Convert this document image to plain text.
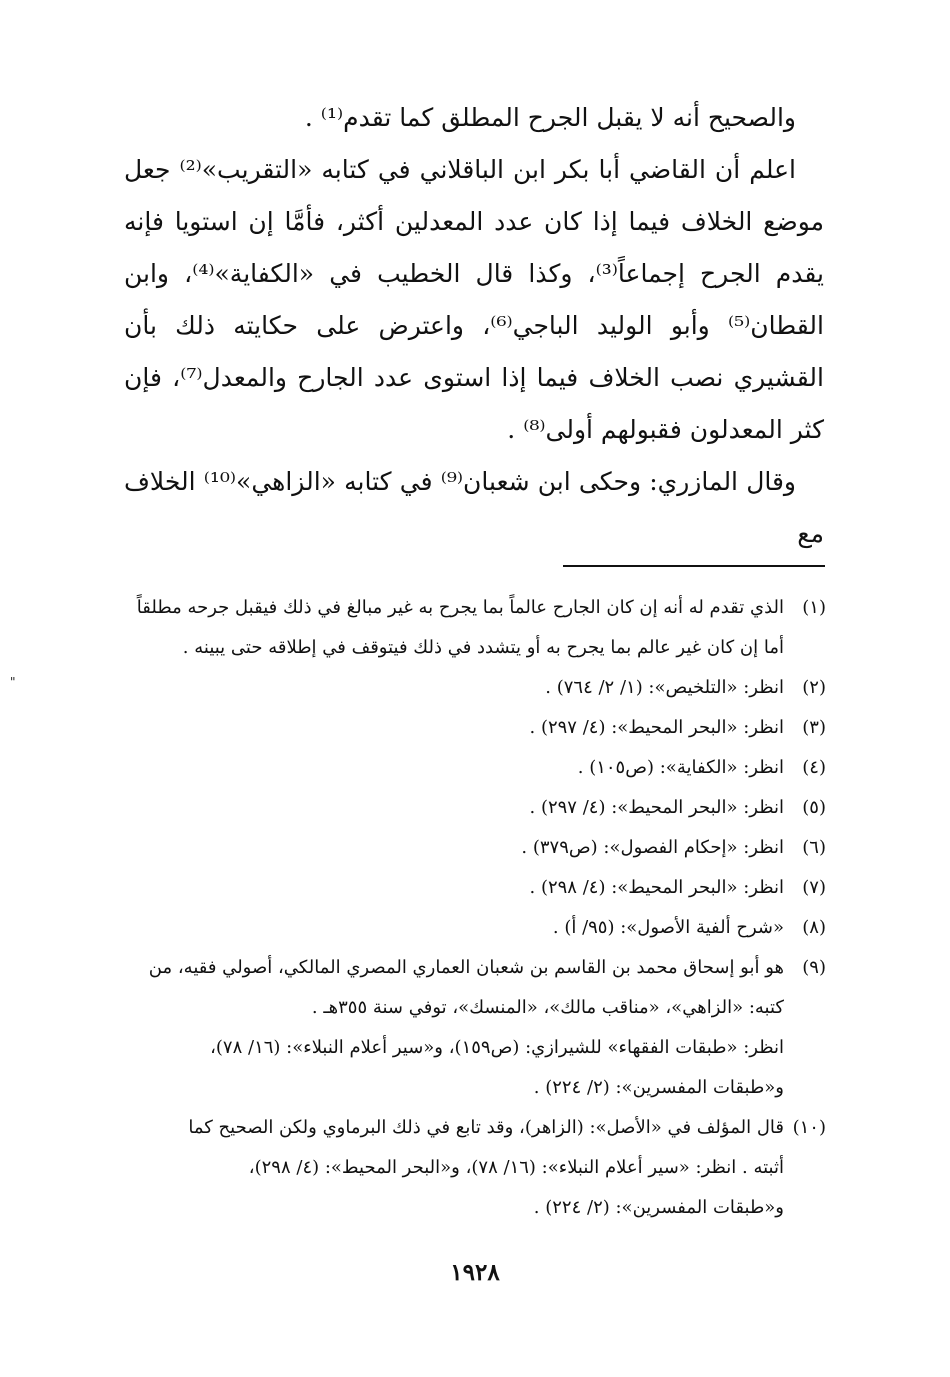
والصحيح أنه لا يقبل الجرح المطلق كما تقدم⁽¹⁾ .

اعلم أن القاضي أبا بكر ابن الباقلاني في كتابه «التقريب»⁽²⁾ جعل موضع الخلاف فيما إذا كان عدد المعدلين أكثر، فأمَّا إن استويا فإنه يقدم الجرح إجماعاً⁽³⁾، وكذا قال الخطيب في «الكفاية»⁽⁴⁾، وابن القطان⁽⁵⁾ وأبو الوليد الباجي⁽⁶⁾، واعترض على حكايته ذلك بأن القشيري نصب الخلاف فيما إذا استوى عدد الجارح والمعدل⁽⁷⁾، فإن كثر المعدلون فقبولهم أولى⁽⁸⁾ .

وقال المازري: وحكى ابن شعبان⁽⁹⁾ في كتابه «الزاهي»⁽¹⁰⁾ الخلاف مع

(١)
الذي تقدم له أنه إن كان الجارح عالماً بما يجرح به غير مبالغ في ذلك فيقبل جرحه مطلقاً
أما إن كان غير عالم بما يجرح به أو يتشدد في ذلك فيتوقف في إطلاقه حتى يبينه .
(٢)
انظر: «التلخيص»: (١/ ٢/ ٧٦٤) .
(٣)
انظر: «البحر المحيط»: (٤/ ٢٩٧) .
(٤)
انظر: «الكفاية»: (ص١٠٥) .
(٥)
انظر: «البحر المحيط»: (٤/ ٢٩٧) .
(٦)
انظر: «إحكام الفصول»: (ص٣٧٩) .
(٧)
انظر: «البحر المحيط»: (٤/ ٢٩٨) .
(٨)
«شرح ألفية الأصول»: (٩٥/ أ) .
(٩)
هو أبو إسحاق محمد بن القاسم بن شعبان العماري المصري المالكي، أصولي فقيه، من
كتبه: «الزاهي»، «مناقب مالك»، «المنسك»، توفي سنة ٣٥٥هـ .
انظر: «طبقات الفقهاء» للشيرازي: (ص١٥٩)، و«سير أعلام النبلاء»: (١٦/ ٧٨)،
و«طبقات المفسرين»: (٢/ ٢٢٤) .
(١٠)
قال المؤلف في «الأصل»: (الزاهر)، وقد تابع في ذلك البرماوي ولكن الصحيح كما
أثبته . انظر: «سير أعلام النبلاء»: (١٦/ ٧٨)، و«البحر المحيط»: (٤/ ٢٩٨)،
و«طبقات المفسرين»: (٢/ ٢٢٤) .
"
١٩٢٨
